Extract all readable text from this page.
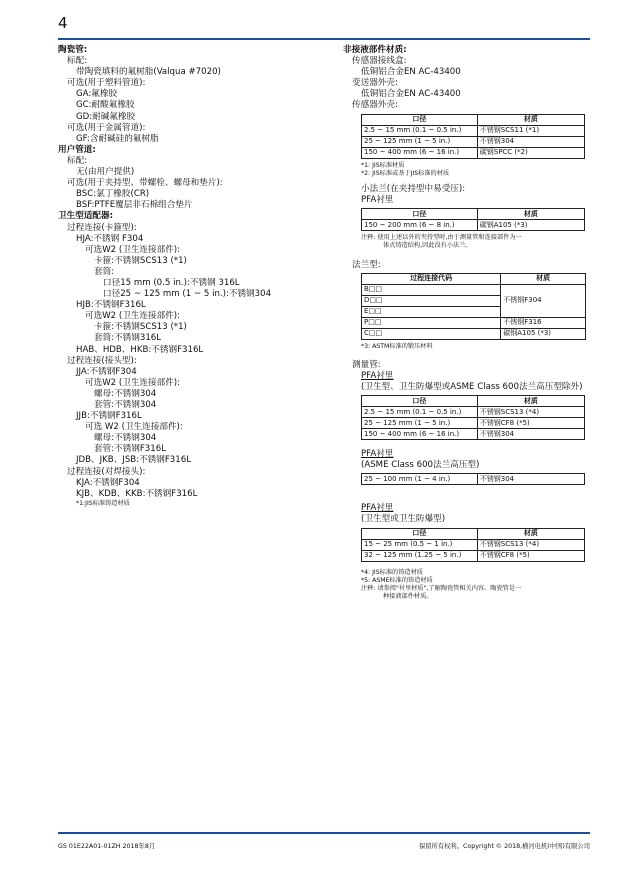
4
陶瓷管:
标配:
带陶瓷填料的氟树脂(Valqua #7020)
可选(用于塑料管道):
GA:氟橡胶
GC:耐酸氟橡胶
GD:耐碱氟橡胶
可选(用于金属管道):
GF:含耐碱硅的氟树脂
用户管道:
标配:
无(由用户提供)
可选(用于夹持型、带螺栓、螺母和垫片):
BSC:氯丁橡胶(CR)
BSF:PTFE覆层非石棉组合垫片
卫生型适配器:
过程连接(卡箍型):
HJA:不锈钢 F304
可选W2 (卫生连接部件):
卡箍:不锈钢SCS13 (*1)
套筒:
口径15 mm (0.5 in.):不锈钢 316L
口径25 ~ 125 mm (1 ~ 5 in.):不锈钢304
HJB:不锈钢F316L
可选W2 (卫生连接部件):
卡箍:不锈钢SCS13 (*1)
套筒:不锈钢316L
HAB、HDB、HKB:不锈钢F316L
过程连接(接头型):
JJA:不锈钢F304
可选W2 (卫生连接部件):
螺母:不锈钢304
套管:不锈钢304
JJB:不锈钢F316L
可选 W2 (卫生连接部件):
螺母:不锈钢304
套管:不锈钢F316L
JDB、JKB、JSB:不锈钢F316L
过程连接(对焊接头):
KJA:不锈钢F304
KJB、KDB、KKB:不锈钢F316L
*1:JIS标准铸造材质
非接液部件材质:
传感器接线盒:
低铜铝合金EN AC-43400
变送器外壳:
低铜铝合金EN AC-43400
传感器外壳:
口径	材质
2.5 ~ 15 mm (0.1 ~ 0.5 in.)	不锈钢SCS11 (*1)
25 ~ 125 mm (1 ~ 5 in.)	不锈钢304
150 ~ 400 mm (6 ~ 16 in.)	碳钢SPCC (*2)
*1: JIS标准材质
*2: JIS标准或基于JIS标准的材质
小法兰(在夹持型中易受压):
PFA衬里
口径	材质
150 ~ 200 mm (6 ~ 8 in.)	碳钢A105 (*3)
注释: 使用上述以外的夹持型时,由于测量管和连接部件为一
体式铸造结构,因此没有小法兰。
法兰型:
过程连接代码	材质
B□□	不锈钢F304
D□□	
E□□	
P□□	不锈钢F316
C□□	碳钢A105 (*3)
*3: ASTM标准的锻压材料
测量管:
PFA衬里
(卫生型、卫生防爆型或ASME Class 600法兰高压型除外)
口径	材质
2.5 ~ 15 mm (0.1 ~ 0.5 in.)	不锈钢SCS13 (*4)
25 ~ 125 mm (1 ~ 5 in.)	不锈钢CF8 (*5)
150 ~ 400 mm (6 ~ 16 in.)	不锈钢304
PFA衬里
(ASME Class 600法兰高压型)
25 ~ 100 mm (1 ~ 4 in.)	不锈钢304
PFA衬里
(卫生型或卫生防爆型)
口径	材质
15 ~ 25 mm (0.5 ~ 1 in.)	不锈钢SCS13 (*4)
32 ~ 125 mm (1.25 ~ 5 in.)	不锈钢CF8 (*5)
*4: JIS标准的铸造材质
*5: ASME标准的铸造材质
注释: 请参阅"衬里材质",了解陶瓷管相关内容。陶瓷管是一
种接液部件材质。
GS 01E22A01-01ZH 2018年8月	保留所有权利。Copyright © 2018,横河电机(中国)有限公司
